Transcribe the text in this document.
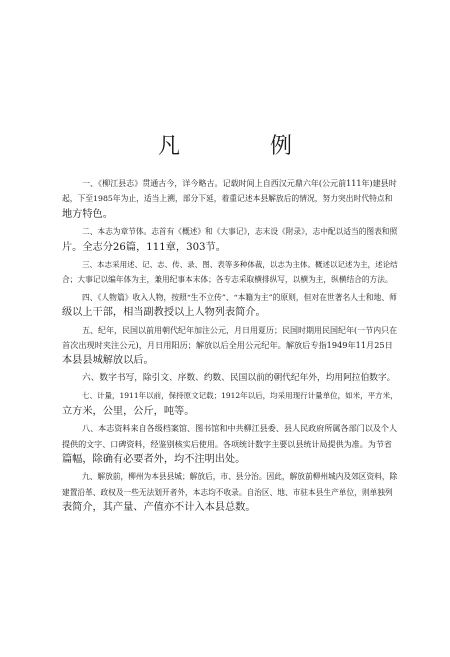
凡　例

一、《柳江县志》贯通古今，详今略古。记载时间上自西汉元鼎六年(公元前111年)建县时
起，下至1985年为止，适当上溯，部分下延，着重记述本县解放后的情况，努力突出时代特点和
地方特色。

二、本志为章节体。志首有《概述》和《大事记》，志末设《附录》，志中配以适当的图表和照
片。全志分26篇，111章，303节。

三、本志采用述、记、志、传、录、图、表等多种体裁，以志为主体。概述以记述为主，述论结
合；大事记以编年体为主，兼用纪事本末体；各专志采取横排纵写，以横为主，纵横结合的方法。

四、《人物篇》收入人物，按照“生不立传”、“本籍为主”的原则，但对在世著名人士和地、师
级以上干部，相当副教授以上人物列表简介。

五、纪年，民国以前用朝代纪年加注公元，月日用夏历；民国时期用民国纪年(一节内只在
首次出现时夹注公元)，月日用阳历；解放以后全用公元纪年。解放后专指1949年11月25日
本县县城解放以后。

六、数字书写，除引文、序数、约数、民国以前的朝代纪年外，均用阿拉伯数字。

七、计量，1911年以前，保持原文记载；1912年以后，均采用现行计量单位，如米，平方米，
立方米，公里，公斤，吨等。

八、本志资料来自各级档案馆、图书馆和中共柳江县委、县人民政府所属各部门以及个人
提供的文字、口碑资料，经鉴别核实后使用。各项统计数字主要以县统计局提供为准。为节省
篇幅，除确有必要者外，均不注明出处。

九、解放前，柳州为本县县城；解放后，市、县分治。因此，解放前柳州城内及郊区资料，除
建置沿革、政权及一些无法划开者外，本志均不收录。自治区、地、市驻本县生产单位，则单独列
表简介，其产量、产值亦不计入本县总数。
